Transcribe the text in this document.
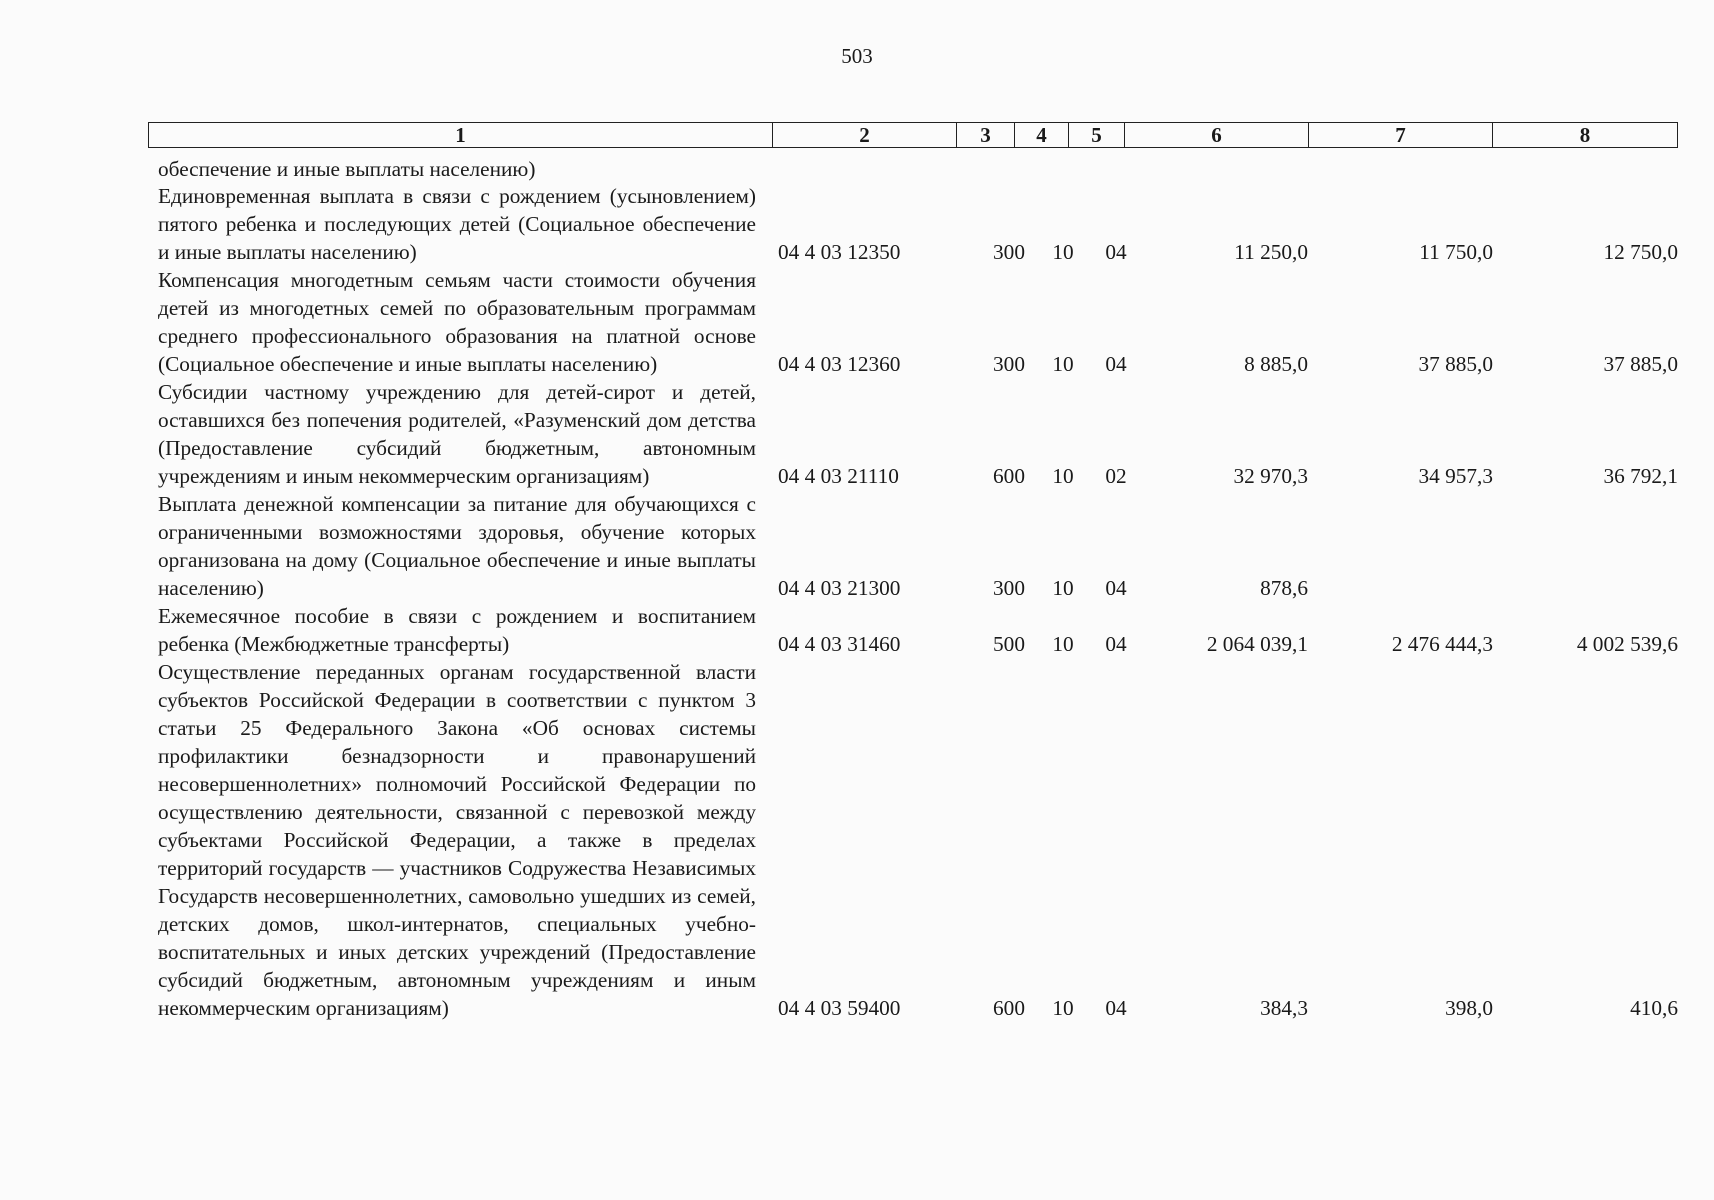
503
1	2	3	4	5	6	7	8
обеспечение и иные выплаты населению)
Единовременная выплата в связи с рождением (усыновлением) пятого ребенка и последующих детей (Социальное обеспечение и иные выплаты населению)	04 4 03 12350	300	10	04	11 250,0	11 750,0	12 750,0
Компенсация многодетным семьям части стоимости обучения детей из многодетных семей по образовательным программам среднего профессионального образования на платной основе (Социальное обеспечение и иные выплаты населению)	04 4 03 12360	300	10	04	8 885,0	37 885,0	37 885,0
Субсидии частному учреждению для детей-сирот и детей, оставшихся без попечения родителей, «Разуменский дом детства (Предоставление субсидий бюджетным, автономным учреждениям и иным некоммерческим организациям)	04 4 03 21110	600	10	02	32 970,3	34 957,3	36 792,1
Выплата денежной компенсации за питание для обучающихся с ограниченными возможностями здоровья, обучение которых организована на дому (Социальное обеспечение и иные выплаты населению)	04 4 03 21300	300	10	04	878,6
Ежемесячное пособие в связи с рождением и воспитанием ребенка (Межбюджетные трансферты)	04 4 03 31460	500	10	04	2 064 039,1	2 476 444,3	4 002 539,6
Осуществление переданных органам государственной власти субъектов Российской Федерации в соответствии с пунктом 3 статьи 25 Федерального Закона «Об основах системы профилактики безнадзорности и правонарушений несовершеннолетних» полномочий Российской Федерации по осуществлению деятельности, связанной с перевозкой между субъектами Российской Федерации, а также в пределах территорий государств — участников Содружества Независимых Государств несовершеннолетних, самовольно ушедших из семей, детских домов, школ-интернатов, специальных учебно-воспитательных и иных детских учреждений (Предоставление субсидий бюджетным, автономным учреждениям и иным некоммерческим организациям)	04 4 03 59400	600	10	04	384,3	398,0	410,6
